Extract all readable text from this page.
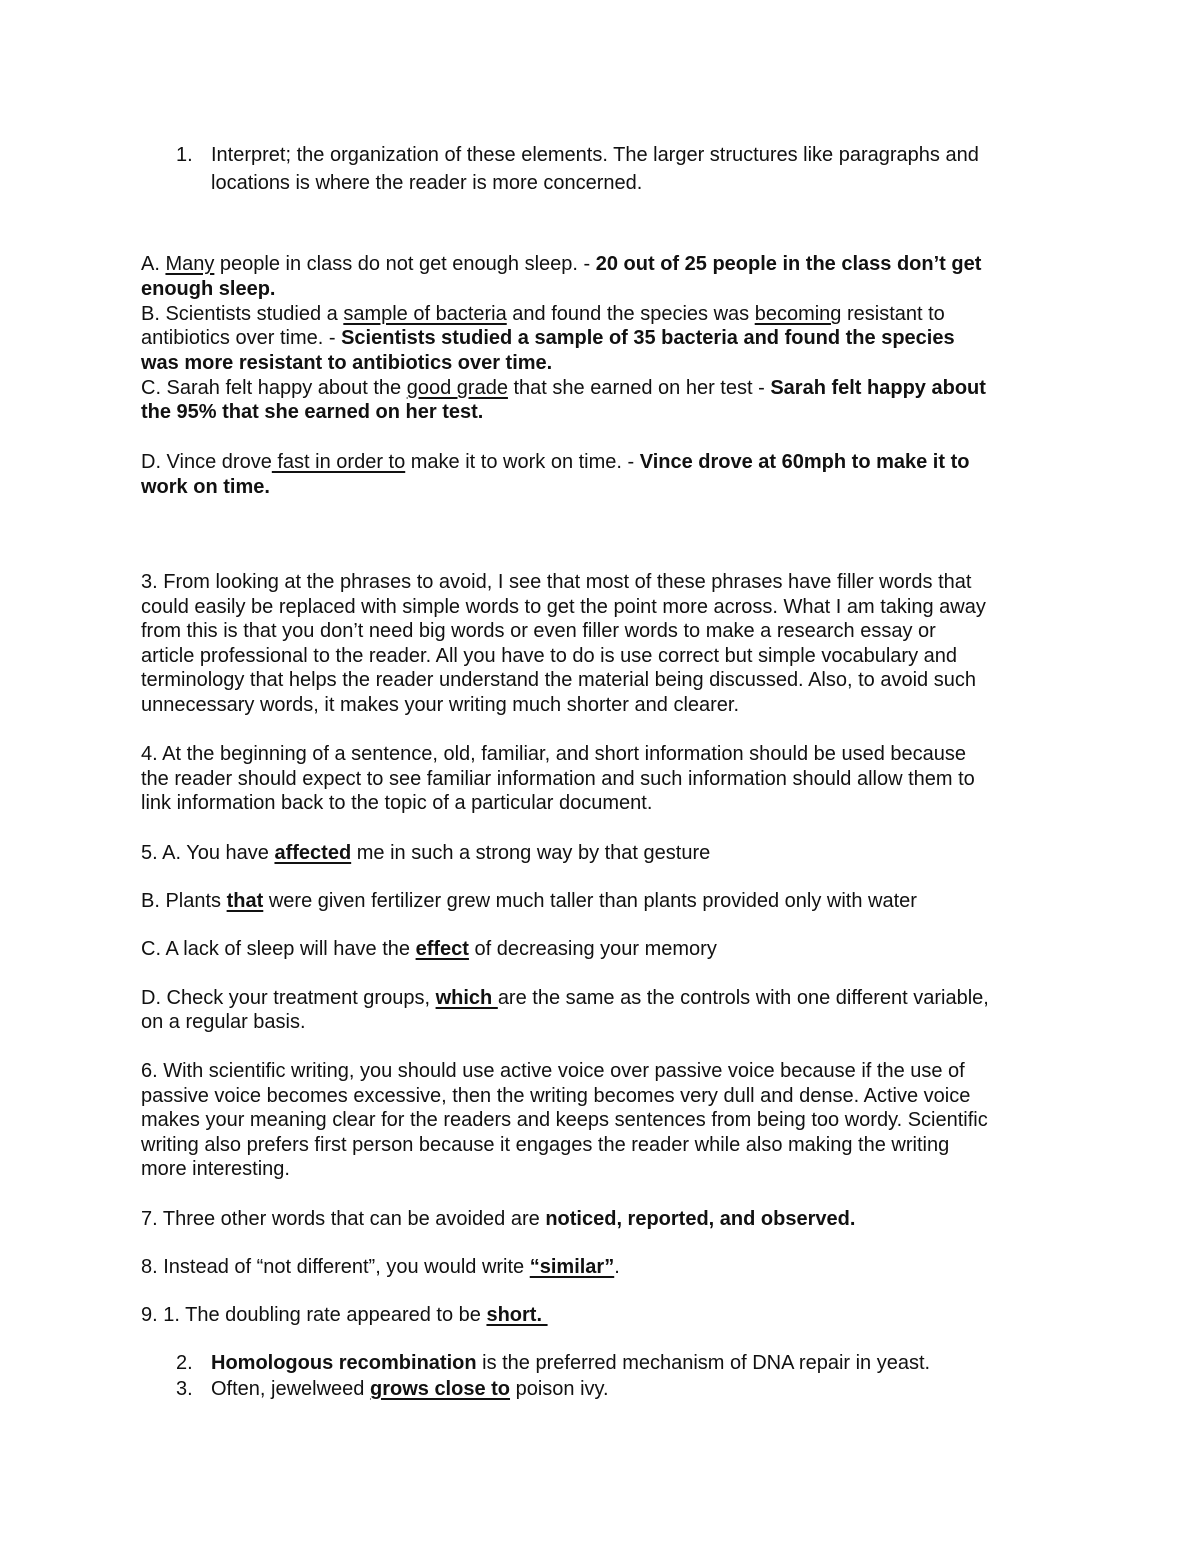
1. Interpret; the organization of these elements. The larger structures like paragraphs and
locations is where the reader is more concerned.
A. Many people in class do not get enough sleep. - 20 out of 25 people in the class don’t get
enough sleep.
B. Scientists studied a sample of bacteria and found the species was becoming resistant to
antibiotics over time. - Scientists studied a sample of 35 bacteria and found the species
was more resistant to antibiotics over time.
C. Sarah felt happy about the good grade that she earned on her test - Sarah felt happy about
the 95% that she earned on her test.
D. Vince drove fast in order to make it to work on time. - Vince drove at 60mph to make it to
work on time.
3. From looking at the phrases to avoid, I see that most of these phrases have filler words that
could easily be replaced with simple words to get the point more across. What I am taking away
from this is that you don’t need big words or even filler words to make a research essay or
article professional to the reader. All you have to do is use correct but simple vocabulary and
terminology that helps the reader understand the material being discussed. Also, to avoid such
unnecessary words, it makes your writing much shorter and clearer.
4. At the beginning of a sentence, old, familiar, and short information should be used because
the reader should expect to see familiar information and such information should allow them to
link information back to the topic of a particular document.
5. A. You have affected me in such a strong way by that gesture
B. Plants that were given fertilizer grew much taller than plants provided only with water
C. A lack of sleep will have the effect of decreasing your memory
D. Check your treatment groups, which are the same as the controls with one different variable,
on a regular basis.
6. With scientific writing, you should use active voice over passive voice because if the use of
passive voice becomes excessive, then the writing becomes very dull and dense. Active voice
makes your meaning clear for the readers and keeps sentences from being too wordy. Scientific
writing also prefers first person because it engages the reader while also making the writing
more interesting.
7. Three other words that can be avoided are noticed, reported, and observed.
8. Instead of “not different”, you would write “similar”.
9. 1. The doubling rate appeared to be short.
2. Homologous recombination is the preferred mechanism of DNA repair in yeast.
3. Often, jewelweed grows close to poison ivy.
